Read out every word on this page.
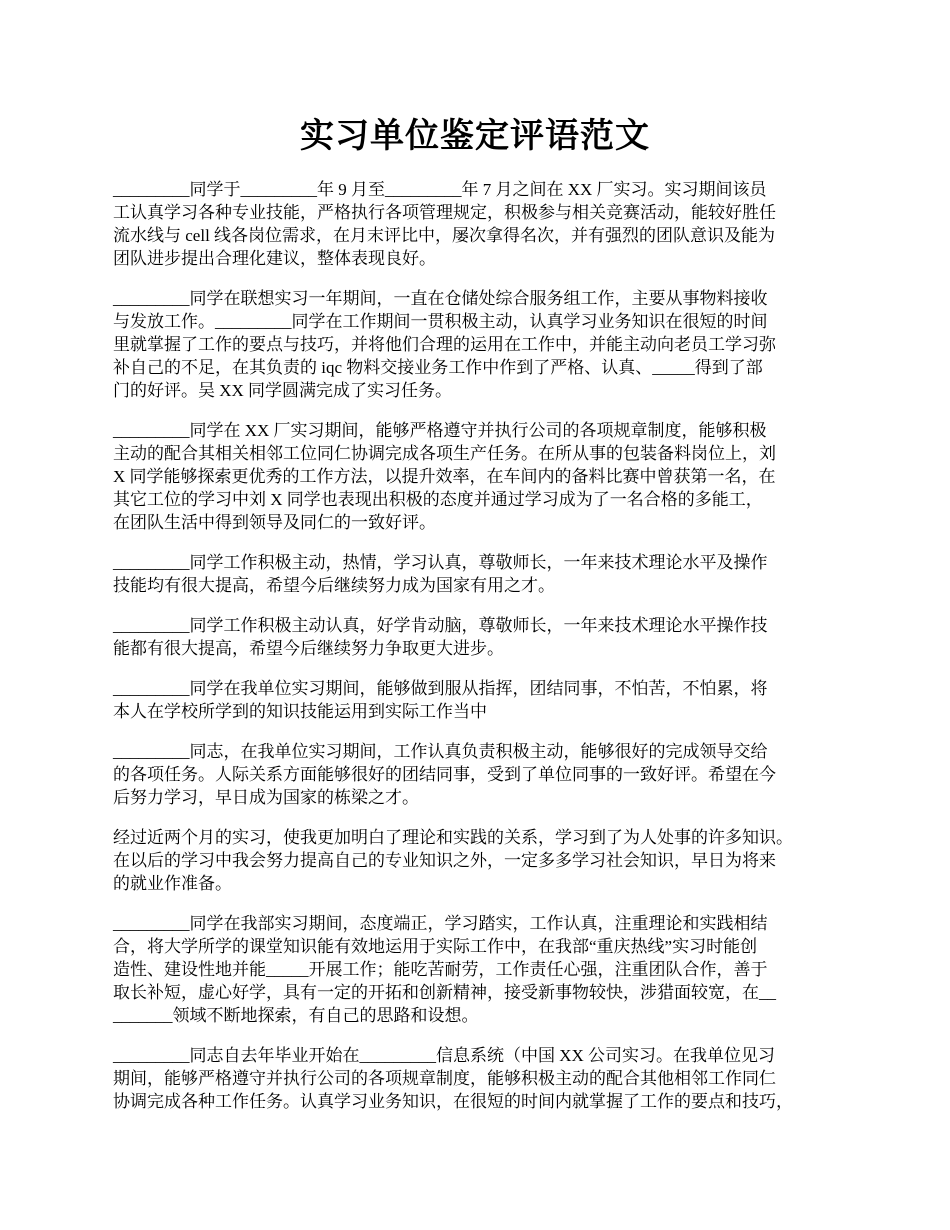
实习单位鉴定评语范文
_________同学于_________年 9 月至_________年 7 月之间在 XX 厂实习。实习期间该员
工认真学习各种专业技能，严格执行各项管理规定，积极参与相关竞赛活动，能较好胜任
流水线与 cell 线各岗位需求，在月末评比中，屡次拿得名次，并有强烈的团队意识及能为
团队进步提出合理化建议，整体表现良好。
_________同学在联想实习一年期间，一直在仓储处综合服务组工作，主要从事物料接收
与发放工作。_________同学在工作期间一贯积极主动，认真学习业务知识在很短的时间
里就掌握了工作的要点与技巧，并将他们合理的运用在工作中，并能主动向老员工学习弥
补自己的不足，在其负责的 iqc 物料交接业务工作中作到了严格、认真、_____得到了部
门的好评。吴 XX 同学圆满完成了实习任务。
_________同学在 XX 厂实习期间，能够严格遵守并执行公司的各项规章制度，能够积极
主动的配合其相关相邻工位同仁协调完成各项生产任务。在所从事的包装备料岗位上，刘
X 同学能够探索更优秀的工作方法，以提升效率，在车间内的备料比赛中曾获第一名，在
其它工位的学习中刘 X 同学也表现出积极的态度并通过学习成为了一名合格的多能工，
在团队生活中得到领导及同仁的一致好评。
_________同学工作积极主动，热情，学习认真，尊敬师长，一年来技术理论水平及操作
技能均有很大提高，希望今后继续努力成为国家有用之才。
_________同学工作积极主动认真，好学肯动脑，尊敬师长，一年来技术理论水平操作技
能都有很大提高，希望今后继续努力争取更大进步。
_________同学在我单位实习期间，能够做到服从指挥，团结同事，不怕苦，不怕累，将
本人在学校所学到的知识技能运用到实际工作当中
_________同志，在我单位实习期间，工作认真负责积极主动，能够很好的完成领导交给
的各项任务。人际关系方面能够很好的团结同事，受到了单位同事的一致好评。希望在今
后努力学习，早日成为国家的栋梁之才。
经过近两个月的实习，使我更加明白了理论和实践的关系，学习到了为人处事的许多知识。
在以后的学习中我会努力提高自己的专业知识之外，一定多多学习社会知识，早日为将来
的就业作准备。
_________同学在我部实习期间，态度端正，学习踏实，工作认真，注重理论和实践相结
合，将大学所学的课堂知识能有效地运用于实际工作中，在我部“重庆热线”实习时能创
造性、建设性地并能_____开展工作；能吃苦耐劳，工作责任心强，注重团队合作，善于
取长补短，虚心好学，具有一定的开拓和创新精神，接受新事物较快，涉猎面较宽，在__
_______领域不断地探索，有自己的思路和设想。
_________同志自去年毕业开始在_________信息系统（中国 XX 公司实习。在我单位见习
期间，能够严格遵守并执行公司的各项规章制度，能够积极主动的配合其他相邻工作同仁
协调完成各种工作任务。认真学习业务知识，在很短的时间内就掌握了工作的要点和技巧，
